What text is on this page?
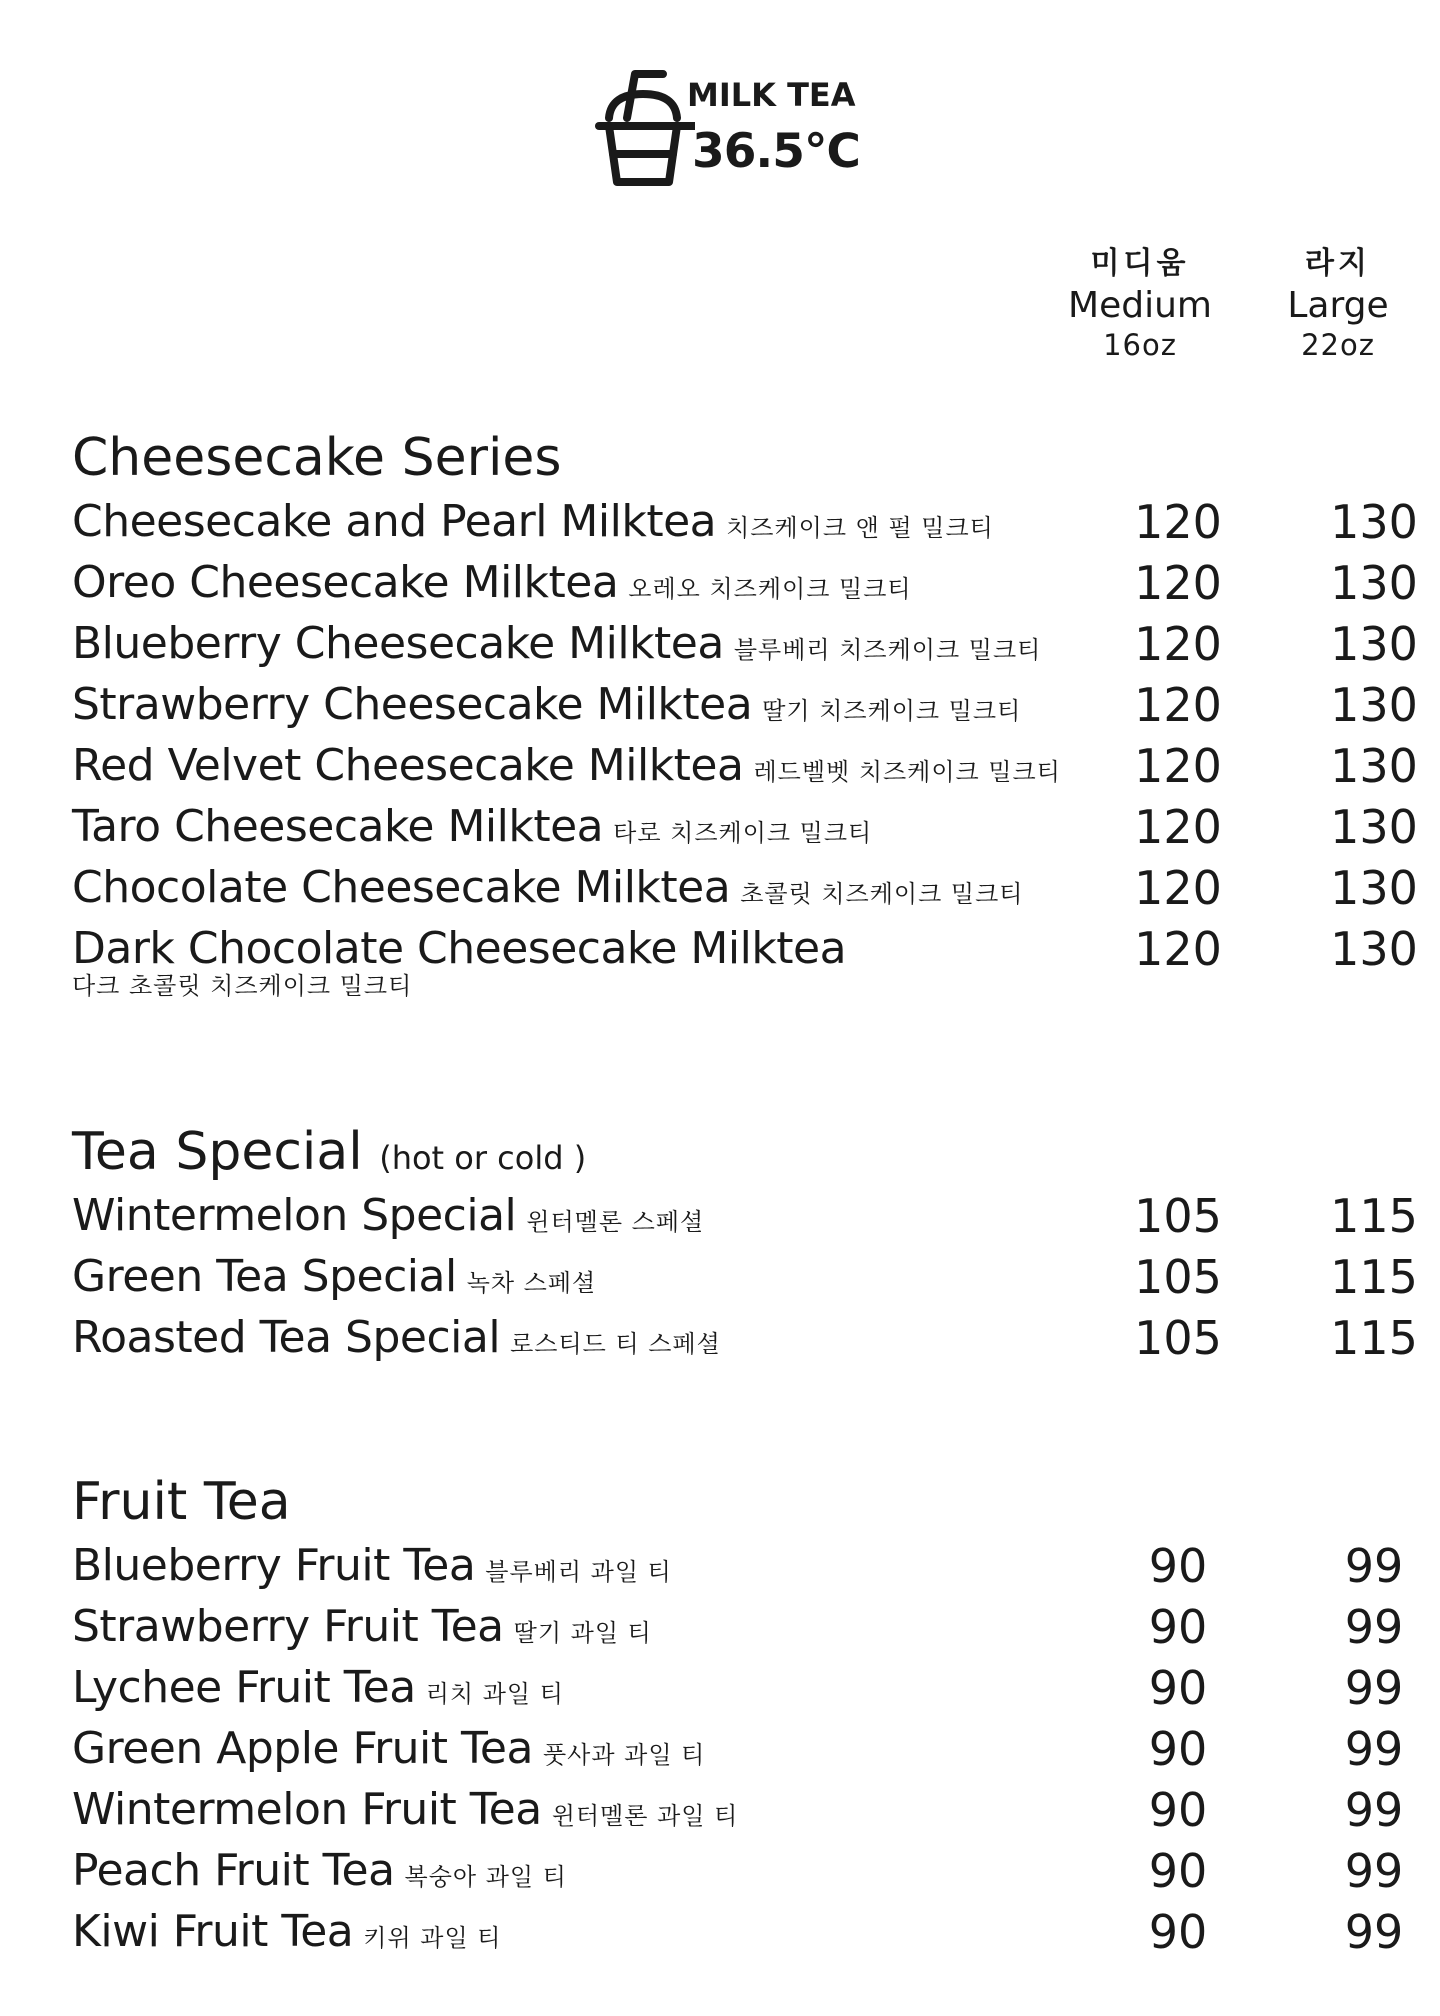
MILK TEA
36.5℃
미디움
Medium
16oz
라지
Large
22oz
Cheesecake Series
Cheesecake and Pearl Milktea 치즈케이크 앤 펄 밀크티	120	130
Oreo Cheesecake Milktea 오레오 치즈케이크 밀크티	120	130
Blueberry Cheesecake Milktea 블루베리 치즈케이크 밀크티	120	130
Strawberry Cheesecake Milktea 딸기 치즈케이크 밀크티	120	130
Red Velvet Cheesecake Milktea 레드벨벳 치즈케이크 밀크티	120	130
Taro Cheesecake Milktea 타로 치즈케이크 밀크티	120	130
Chocolate Cheesecake Milktea 초콜릿 치즈케이크 밀크티	120	130
Dark Chocolate Cheesecake Milktea
다크 초콜릿 치즈케이크 밀크티
120	130
Tea Special (hot or cold )
Wintermelon Special 윈터멜론 스페셜	105	115
Green Tea Special 녹차 스페셜	105	115
Roasted Tea Special 로스티드 티 스페셜	105	115
Fruit Tea
Blueberry Fruit Tea 블루베리 과일 티	90	99
Strawberry Fruit Tea 딸기 과일 티	90	99
Lychee Fruit Tea 리치 과일 티	90	99
Green Apple Fruit Tea 풋사과 과일 티	90	99
Wintermelon Fruit Tea 윈터멜론 과일 티	90	99
Peach Fruit Tea 복숭아 과일 티	90	99
Kiwi Fruit Tea 키위 과일 티	90	99
